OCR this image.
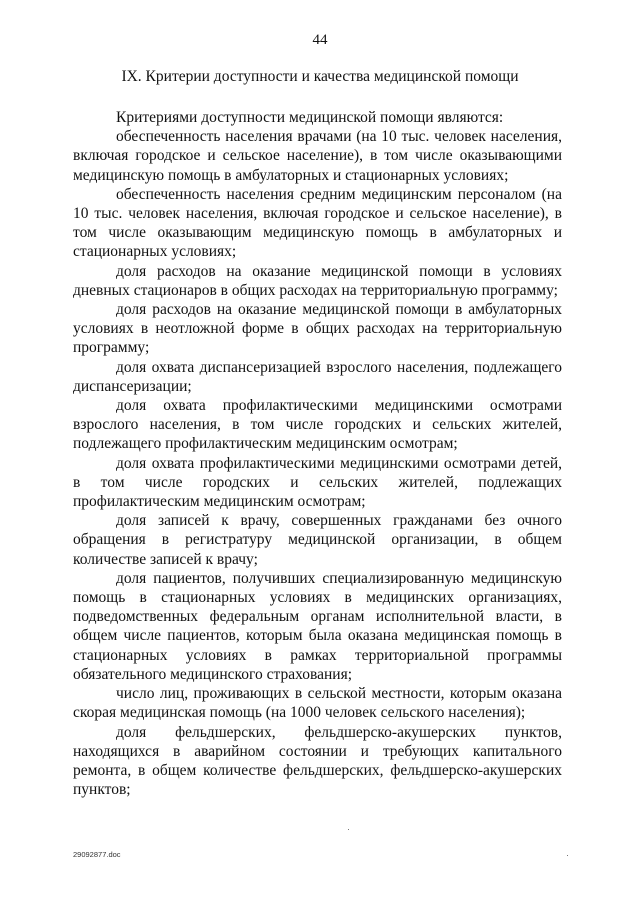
44
IX. Критерии доступности и качества медицинской помощи

Критериями доступности медицинской помощи являются:

обеспеченность населения врачами (на 10 тыс. человек населения, включая городское и сельское население), в том числе оказывающими медицинскую помощь в амбулаторных и стационарных условиях;

обеспеченность населения средним медицинским персоналом (на 10 тыс. человек населения, включая городское и сельское население), в том числе оказывающим медицинскую помощь в амбулаторных и стационарных условиях;

доля расходов на оказание медицинской помощи в условиях дневных стационаров в общих расходах на территориальную программу;

доля расходов на оказание медицинской помощи в амбулаторных условиях в неотложной форме в общих расходах на территориальную программу;

доля охвата диспансеризацией взрослого населения, подлежащего диспансеризации;

доля охвата профилактическими медицинскими осмотрами взрослого населения, в том числе городских и сельских жителей, подлежащего профилактическим медицинским осмотрам;

доля охвата профилактическими медицинскими осмотрами детей, в том числе городских и сельских жителей, подлежащих профилактическим медицинским осмотрам;

доля записей к врачу, совершенных гражданами без очного обращения в регистратуру медицинской организации, в общем количестве записей к врачу;

доля пациентов, получивших специализированную медицинскую помощь в стационарных условиях в медицинских организациях, подведомственных федеральным органам исполнительной власти, в общем числе пациентов, которым была оказана медицинская помощь в стационарных условиях в рамках территориальной программы обязательного медицинского страхования;

число лиц, проживающих в сельской местности, которым оказана скорая медицинская помощь (на 1000 человек сельского населения);

доля фельдшерских, фельдшерско-акушерских пунктов, находящихся в аварийном состоянии и требующих капитального ремонта, в общем количестве фельдшерских, фельдшерско-акушерских пунктов;

29092877.doc
